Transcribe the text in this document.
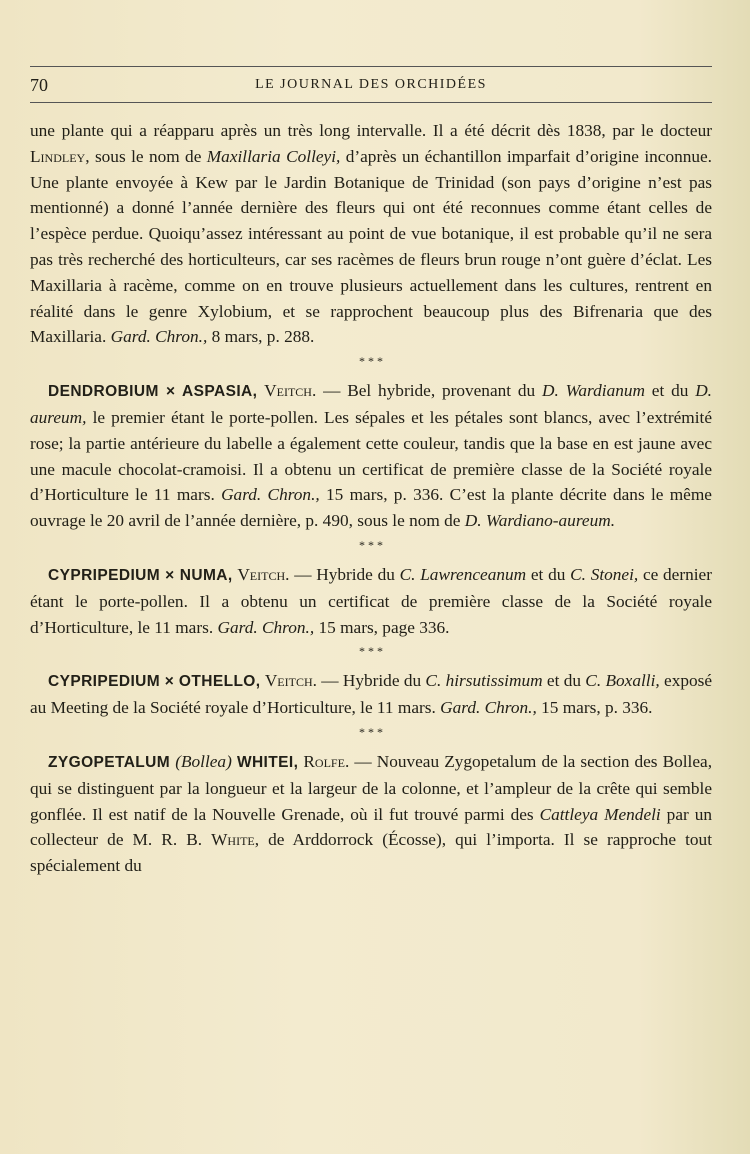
70	LE JOURNAL DES ORCHIDÉES

une plante qui a réapparu après un très long intervalle. Il a été décrit dès 1838, par le docteur Lindley, sous le nom de Maxillaria Colleyi, d’après un échantillon imparfait d’origine inconnue. Une plante envoyée à Kew par le Jardin Botanique de Trinidad (son pays d’origine n’est pas mentionné) a donné l’année dernière des fleurs qui ont été reconnues comme étant celles de l’espèce perdue. Quoiqu’assez intéressant au point de vue botanique, il est probable qu’il ne sera pas très recherché des horticulteurs, car ses racèmes de fleurs brun rouge n’ont guère d’éclat. Les Maxillaria à racème, comme on en trouve plusieurs actuellement dans les cultures, rentrent en réalité dans le genre Xylobium, et se rapprochent beaucoup plus des Bifrenaria que des Maxillaria. Gard. Chron., 8 mars, p. 288.

* * *

DENDROBIUM × ASPASIA, Veitch. — Bel hybride, provenant du D. Wardianum et du D. aureum, le premier étant le porte-pollen. Les sépales et les pétales sont blancs, avec l’extrémité rose; la partie antérieure du labelle a également cette couleur, tandis que la base en est jaune avec une macule chocolat-cramoisi. Il a obtenu un certificat de première classe de la Société royale d’Horticulture le 11 mars. Gard. Chron., 15 mars, p. 336. C’est la plante décrite dans le même ouvrage le 20 avril de l’année dernière, p. 490, sous le nom de D. Wardiano-aureum.

* * *

CYPRIPEDIUM × NUMA, Veitch. — Hybride du C. Lawrenceanum et du C. Stonei, ce dernier étant le porte-pollen. Il a obtenu un certificat de première classe de la Société royale d’Horticulture, le 11 mars. Gard. Chron., 15 mars, page 336.

* * *

CYPRIPEDIUM × OTHELLO, Veitch. — Hybride du C. hirsutissimum et du C. Boxalli, exposé au Meeting de la Société royale d’Horticulture, le 11 mars. Gard. Chron., 15 mars, p. 336.

* * *

ZYGOPETALUM (Bollea) WHITEI, Rolfe. — Nouveau Zygopetalum de la section des Bollea, qui se distinguent par la longueur et la largeur de la colonne, et l’ampleur de la crête qui semble gonflée. Il est natif de la Nouvelle Grenade, où il fut trouvé parmi des Cattleya Mendeli par un collecteur de M. R. B. White, de Arddorrock (Écosse), qui l’importa. Il se rapproche tout spécialement du
